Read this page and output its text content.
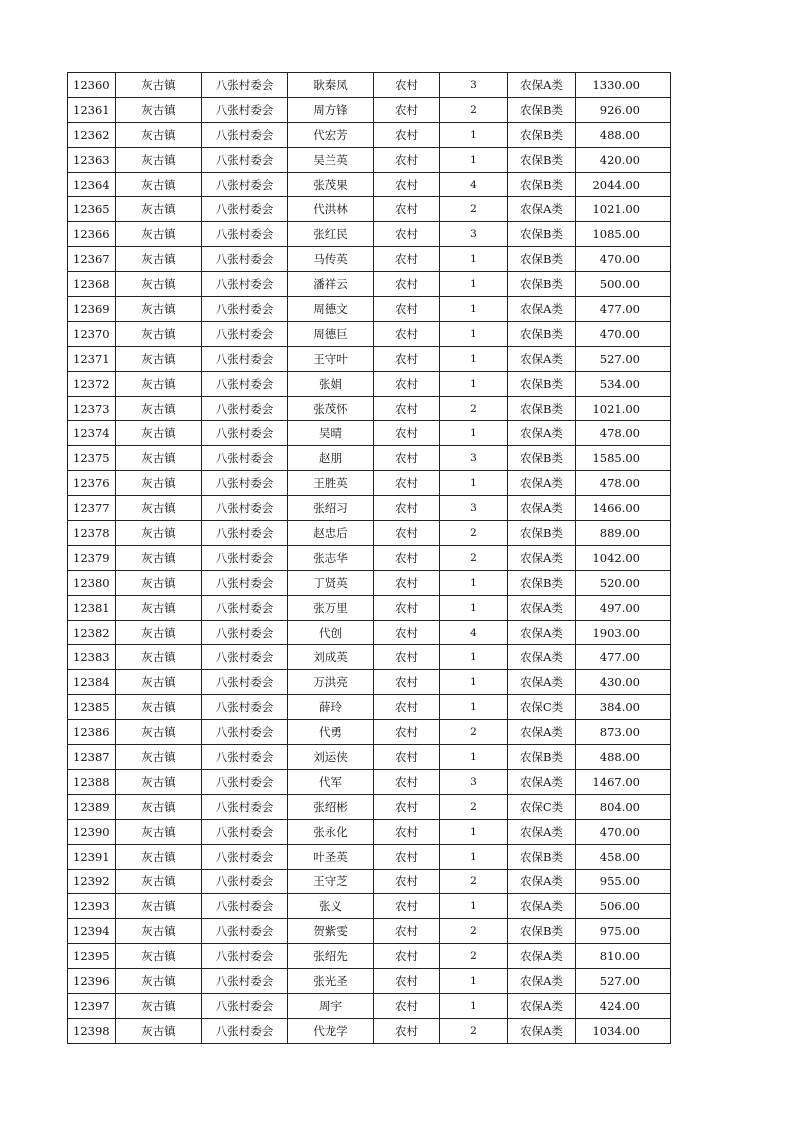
12360	灰古镇	八张村委会	耿秦凤	农村	3	农保A类	1330.00
12361	灰古镇	八张村委会	周方锋	农村	2	农保B类	926.00
12362	灰古镇	八张村委会	代宏芳	农村	1	农保B类	488.00
12363	灰古镇	八张村委会	吴兰英	农村	1	农保B类	420.00
12364	灰古镇	八张村委会	张茂果	农村	4	农保B类	2044.00
12365	灰古镇	八张村委会	代洪林	农村	2	农保A类	1021.00
12366	灰古镇	八张村委会	张红民	农村	3	农保B类	1085.00
12367	灰古镇	八张村委会	马传英	农村	1	农保B类	470.00
12368	灰古镇	八张村委会	潘祥云	农村	1	农保B类	500.00
12369	灰古镇	八张村委会	周德文	农村	1	农保A类	477.00
12370	灰古镇	八张村委会	周德巨	农村	1	农保B类	470.00
12371	灰古镇	八张村委会	王守叶	农村	1	农保A类	527.00
12372	灰古镇	八张村委会	张娟	农村	1	农保B类	534.00
12373	灰古镇	八张村委会	张茂怀	农村	2	农保B类	1021.00
12374	灰古镇	八张村委会	吴晴	农村	1	农保A类	478.00
12375	灰古镇	八张村委会	赵朋	农村	3	农保B类	1585.00
12376	灰古镇	八张村委会	王胜英	农村	1	农保A类	478.00
12377	灰古镇	八张村委会	张绍习	农村	3	农保A类	1466.00
12378	灰古镇	八张村委会	赵忠后	农村	2	农保B类	889.00
12379	灰古镇	八张村委会	张志华	农村	2	农保A类	1042.00
12380	灰古镇	八张村委会	丁贤英	农村	1	农保B类	520.00
12381	灰古镇	八张村委会	张万里	农村	1	农保A类	497.00
12382	灰古镇	八张村委会	代创	农村	4	农保A类	1903.00
12383	灰古镇	八张村委会	刘成英	农村	1	农保A类	477.00
12384	灰古镇	八张村委会	万洪亮	农村	1	农保A类	430.00
12385	灰古镇	八张村委会	薛玲	农村	1	农保C类	384.00
12386	灰古镇	八张村委会	代勇	农村	2	农保A类	873.00
12387	灰古镇	八张村委会	刘运侠	农村	1	农保B类	488.00
12388	灰古镇	八张村委会	代军	农村	3	农保A类	1467.00
12389	灰古镇	八张村委会	张绍彬	农村	2	农保C类	804.00
12390	灰古镇	八张村委会	张永化	农村	1	农保A类	470.00
12391	灰古镇	八张村委会	叶圣英	农村	1	农保B类	458.00
12392	灰古镇	八张村委会	王守芝	农村	2	农保A类	955.00
12393	灰古镇	八张村委会	张义	农村	1	农保A类	506.00
12394	灰古镇	八张村委会	贺紫雯	农村	2	农保B类	975.00
12395	灰古镇	八张村委会	张绍先	农村	2	农保A类	810.00
12396	灰古镇	八张村委会	张光圣	农村	1	农保A类	527.00
12397	灰古镇	八张村委会	周宇	农村	1	农保A类	424.00
12398	灰古镇	八张村委会	代龙学	农村	2	农保A类	1034.00
